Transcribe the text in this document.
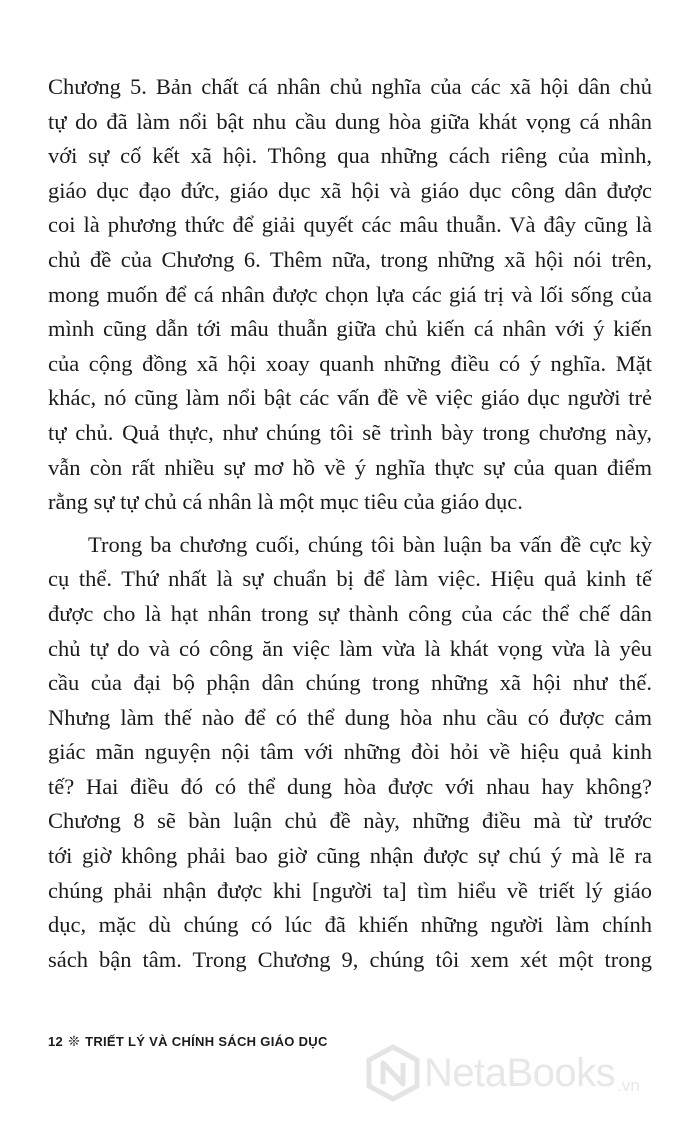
Chương 5. Bản chất cá nhân chủ nghĩa của các xã hội dân chủ
tự do đã làm nổi bật nhu cầu dung hòa giữa khát vọng cá nhân
với sự cố kết xã hội. Thông qua những cách riêng của mình,
giáo dục đạo đức, giáo dục xã hội và giáo dục công dân được
coi là phương thức để giải quyết các mâu thuẫn. Và đây cũng là
chủ đề của Chương 6. Thêm nữa, trong những xã hội nói trên,
mong muốn để cá nhân được chọn lựa các giá trị và lối sống của
mình cũng dẫn tới mâu thuẫn giữa chủ kiến cá nhân với ý kiến
của cộng đồng xã hội xoay quanh những điều có ý nghĩa. Mặt
khác, nó cũng làm nổi bật các vấn đề về việc giáo dục người trẻ
tự chủ. Quả thực, như chúng tôi sẽ trình bày trong chương này,
vẫn còn rất nhiều sự mơ hồ về ý nghĩa thực sự của quan điểm
rằng sự tự chủ cá nhân là một mục tiêu của giáo dục.
Trong ba chương cuối, chúng tôi bàn luận ba vấn đề cực kỳ
cụ thể. Thứ nhất là sự chuẩn bị để làm việc. Hiệu quả kinh tế
được cho là hạt nhân trong sự thành công của các thể chế dân
chủ tự do và có công ăn việc làm vừa là khát vọng vừa là yêu
cầu của đại bộ phận dân chúng trong những xã hội như thế.
Nhưng làm thế nào để có thể dung hòa nhu cầu có được cảm
giác mãn nguyện nội tâm với những đòi hỏi về hiệu quả kinh
tế? Hai điều đó có thể dung hòa được với nhau hay không?
Chương 8 sẽ bàn luận chủ đề này, những điều mà từ trước
tới giờ không phải bao giờ cũng nhận được sự chú ý mà lẽ ra
chúng phải nhận được khi [người ta] tìm hiểu về triết lý giáo
dục, mặc dù chúng có lúc đã khiến những người làm chính
sách bận tâm. Trong Chương 9, chúng tôi xem xét một trong
12 ❊ TRIẾT LÝ VÀ CHÍNH SÁCH GIÁO DỤC
NetaBooks .vn
